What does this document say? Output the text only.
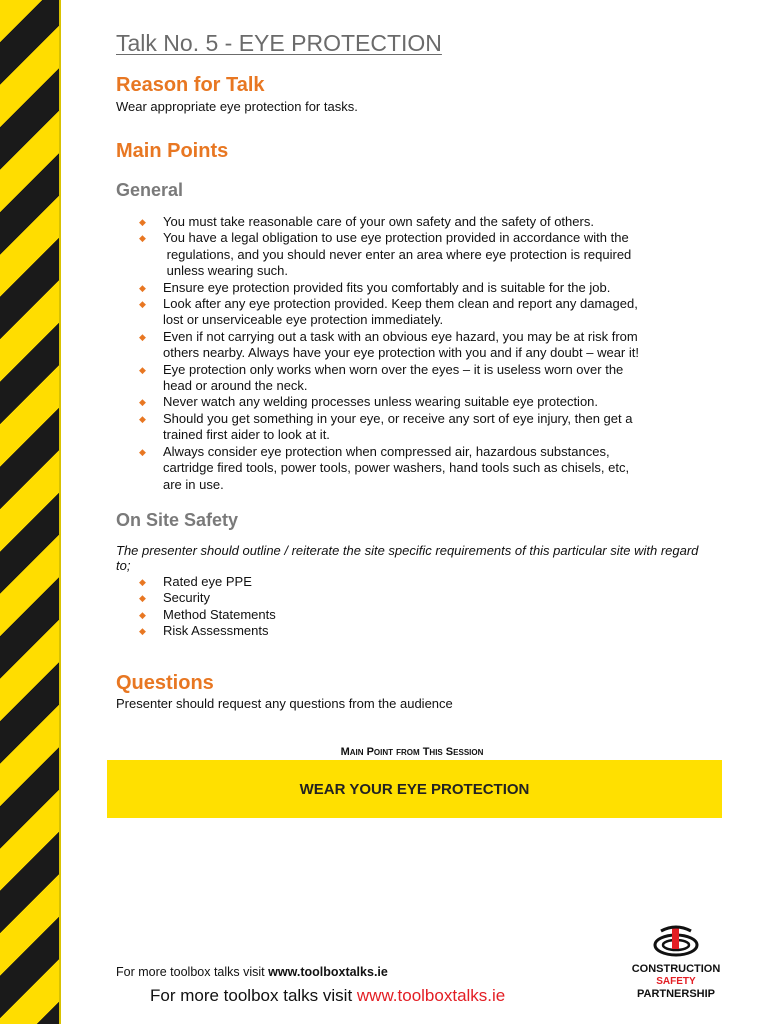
Talk No. 5 - EYE PROTECTION
Reason for Talk
Wear appropriate eye protection for tasks.
Main Points
General
◆ You must take reasonable care of your own safety and the safety of others.
◆ You have a legal obligation to use eye protection provided in accordance with the
regulations, and you should never enter an area where eye protection is required
unless wearing such.
◆ Ensure eye protection provided fits you comfortably and is suitable for the job.
◆ Look after any eye protection provided. Keep them clean and report any damaged,
lost or unserviceable eye protection immediately.
◆ Even if not carrying out a task with an obvious eye hazard, you may be at risk from
others nearby. Always have your eye protection with you and if any doubt – wear it!
◆ Eye protection only works when worn over the eyes – it is useless worn over the
head or around the neck.
◆ Never watch any welding processes unless wearing suitable eye protection.
◆ Should you get something in your eye, or receive any sort of eye injury, then get a
trained first aider to look at it.
◆ Always consider eye protection when compressed air, hazardous substances,
cartridge fired tools, power tools, power washers, hand tools such as chisels, etc,
are in use.
On Site Safety
The presenter should outline / reiterate the site specific requirements of this particular site with regard to;
◆ Rated eye PPE
◆ Security
◆ Method Statements
◆ Risk Assessments
Questions
Presenter should request any questions from the audience
Main Point from This Session
WEAR YOUR EYE PROTECTION
For more toolbox talks visit www.toolboxtalks.ie
For more toolbox talks visit www.toolboxtalks.ie
CONSTRUCTION
SAFETY
PARTNERSHIP
